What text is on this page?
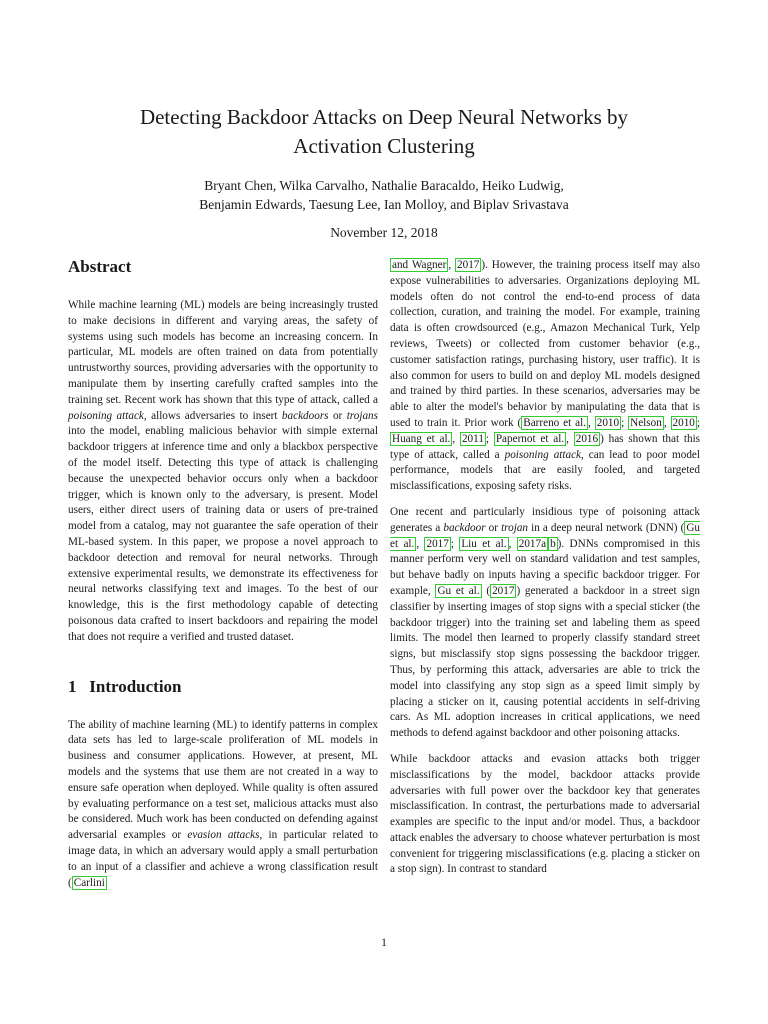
Detecting Backdoor Attacks on Deep Neural Networks by
Activation Clustering
Bryant Chen, Wilka Carvalho, Nathalie Baracaldo, Heiko Ludwig,
Benjamin Edwards, Taesung Lee, Ian Molloy, and Biplav Srivastava
November 12, 2018
Abstract

While machine learning (ML) models are being increasingly trusted to make decisions in different and varying areas, the safety of systems using such models has become an increasing concern. In particular, ML models are often trained on data from potentially untrustworthy sources, providing adversaries with the opportunity to manipulate them by inserting carefully crafted samples into the training set. Recent work has shown that this type of attack, called a poisoning attack, allows adversaries to insert backdoors or trojans into the model, enabling malicious behavior with simple external backdoor triggers at inference time and only a blackbox perspective of the model itself. Detecting this type of attack is challenging because the unexpected behavior occurs only when a backdoor trigger, which is known only to the adversary, is present. Model users, either direct users of training data or users of pre-trained model from a catalog, may not guarantee the safe operation of their ML-based system. In this paper, we propose a novel approach to backdoor detection and removal for neural networks. Through extensive experimental results, we demonstrate its effectiveness for neural networks classifying text and images. To the best of our knowledge, this is the first methodology capable of detecting poisonous data crafted to insert backdoors and repairing the model that does not require a verified and trusted dataset.

1 Introduction

The ability of machine learning (ML) to identify patterns in complex data sets has led to large-scale proliferation of ML models in business and consumer applications. However, at present, ML models and the systems that use them are not created in a way to ensure safe operation when deployed. While quality is often assured by evaluating performance on a test set, malicious attacks must also be considered. Much work has been conducted on defending against adversarial examples or evasion attacks, in particular related to image data, in which an adversary would apply a small perturbation to an input of a classifier and achieve a wrong classification result ( Carlini

and Wagner , 2017 ). However, the training process itself may also expose vulnerabilities to adversaries. Organizations deploying ML models often do not control the end-to-end process of data collection, curation, and training the model. For example, training data is often crowdsourced (e.g., Amazon Mechanical Turk, Yelp reviews, Tweets) or collected from customer behavior (e.g., customer satisfaction ratings, purchasing history, user traffic). It is also common for users to build on and deploy ML models designed and trained by third parties. In these scenarios, adversaries may be able to alter the model's behavior by manipulating the data that is used to train it. Prior work ( Barreno et al. , 2010 ; Nelson , 2010 ; Huang et al. , 2011 ; Papernot et al. , 2016 ) has shown that this type of attack, called a poisoning attack, can lead to poor model performance, models that are easily fooled, and targeted misclassifications, exposing safety risks.

One recent and particularly insidious type of poisoning attack generates a backdoor or trojan in a deep neural network (DNN) ( Gu et al. , 2017 ; Liu et al. , 2017a b ). DNNs compromised in this manner perform very well on standard validation and test samples, but behave badly on inputs having a specific backdoor trigger. For example, Gu et al. ( 2017 ) generated a backdoor in a street sign classifier by inserting images of stop signs with a special sticker (the backdoor trigger) into the training set and labeling them as speed limits. The model then learned to properly classify standard street signs, but misclassify stop signs possessing the backdoor trigger. Thus, by performing this attack, adversaries are able to trick the model into classifying any stop sign as a speed limit simply by placing a sticker on it, causing potential accidents in self-driving cars. As ML adoption increases in critical applications, we need methods to defend against backdoor and other poisoning attacks.

While backdoor attacks and evasion attacks both trigger misclassifications by the model, backdoor attacks provide adversaries with full power over the backdoor key that generates misclassification. In contrast, the perturbations made to adversarial examples are specific to the input and/or model. Thus, a backdoor attack enables the adversary to choose whatever perturbation is most convenient for triggering misclassifications (e.g. placing a sticker on a stop sign). In contrast to standard

1
